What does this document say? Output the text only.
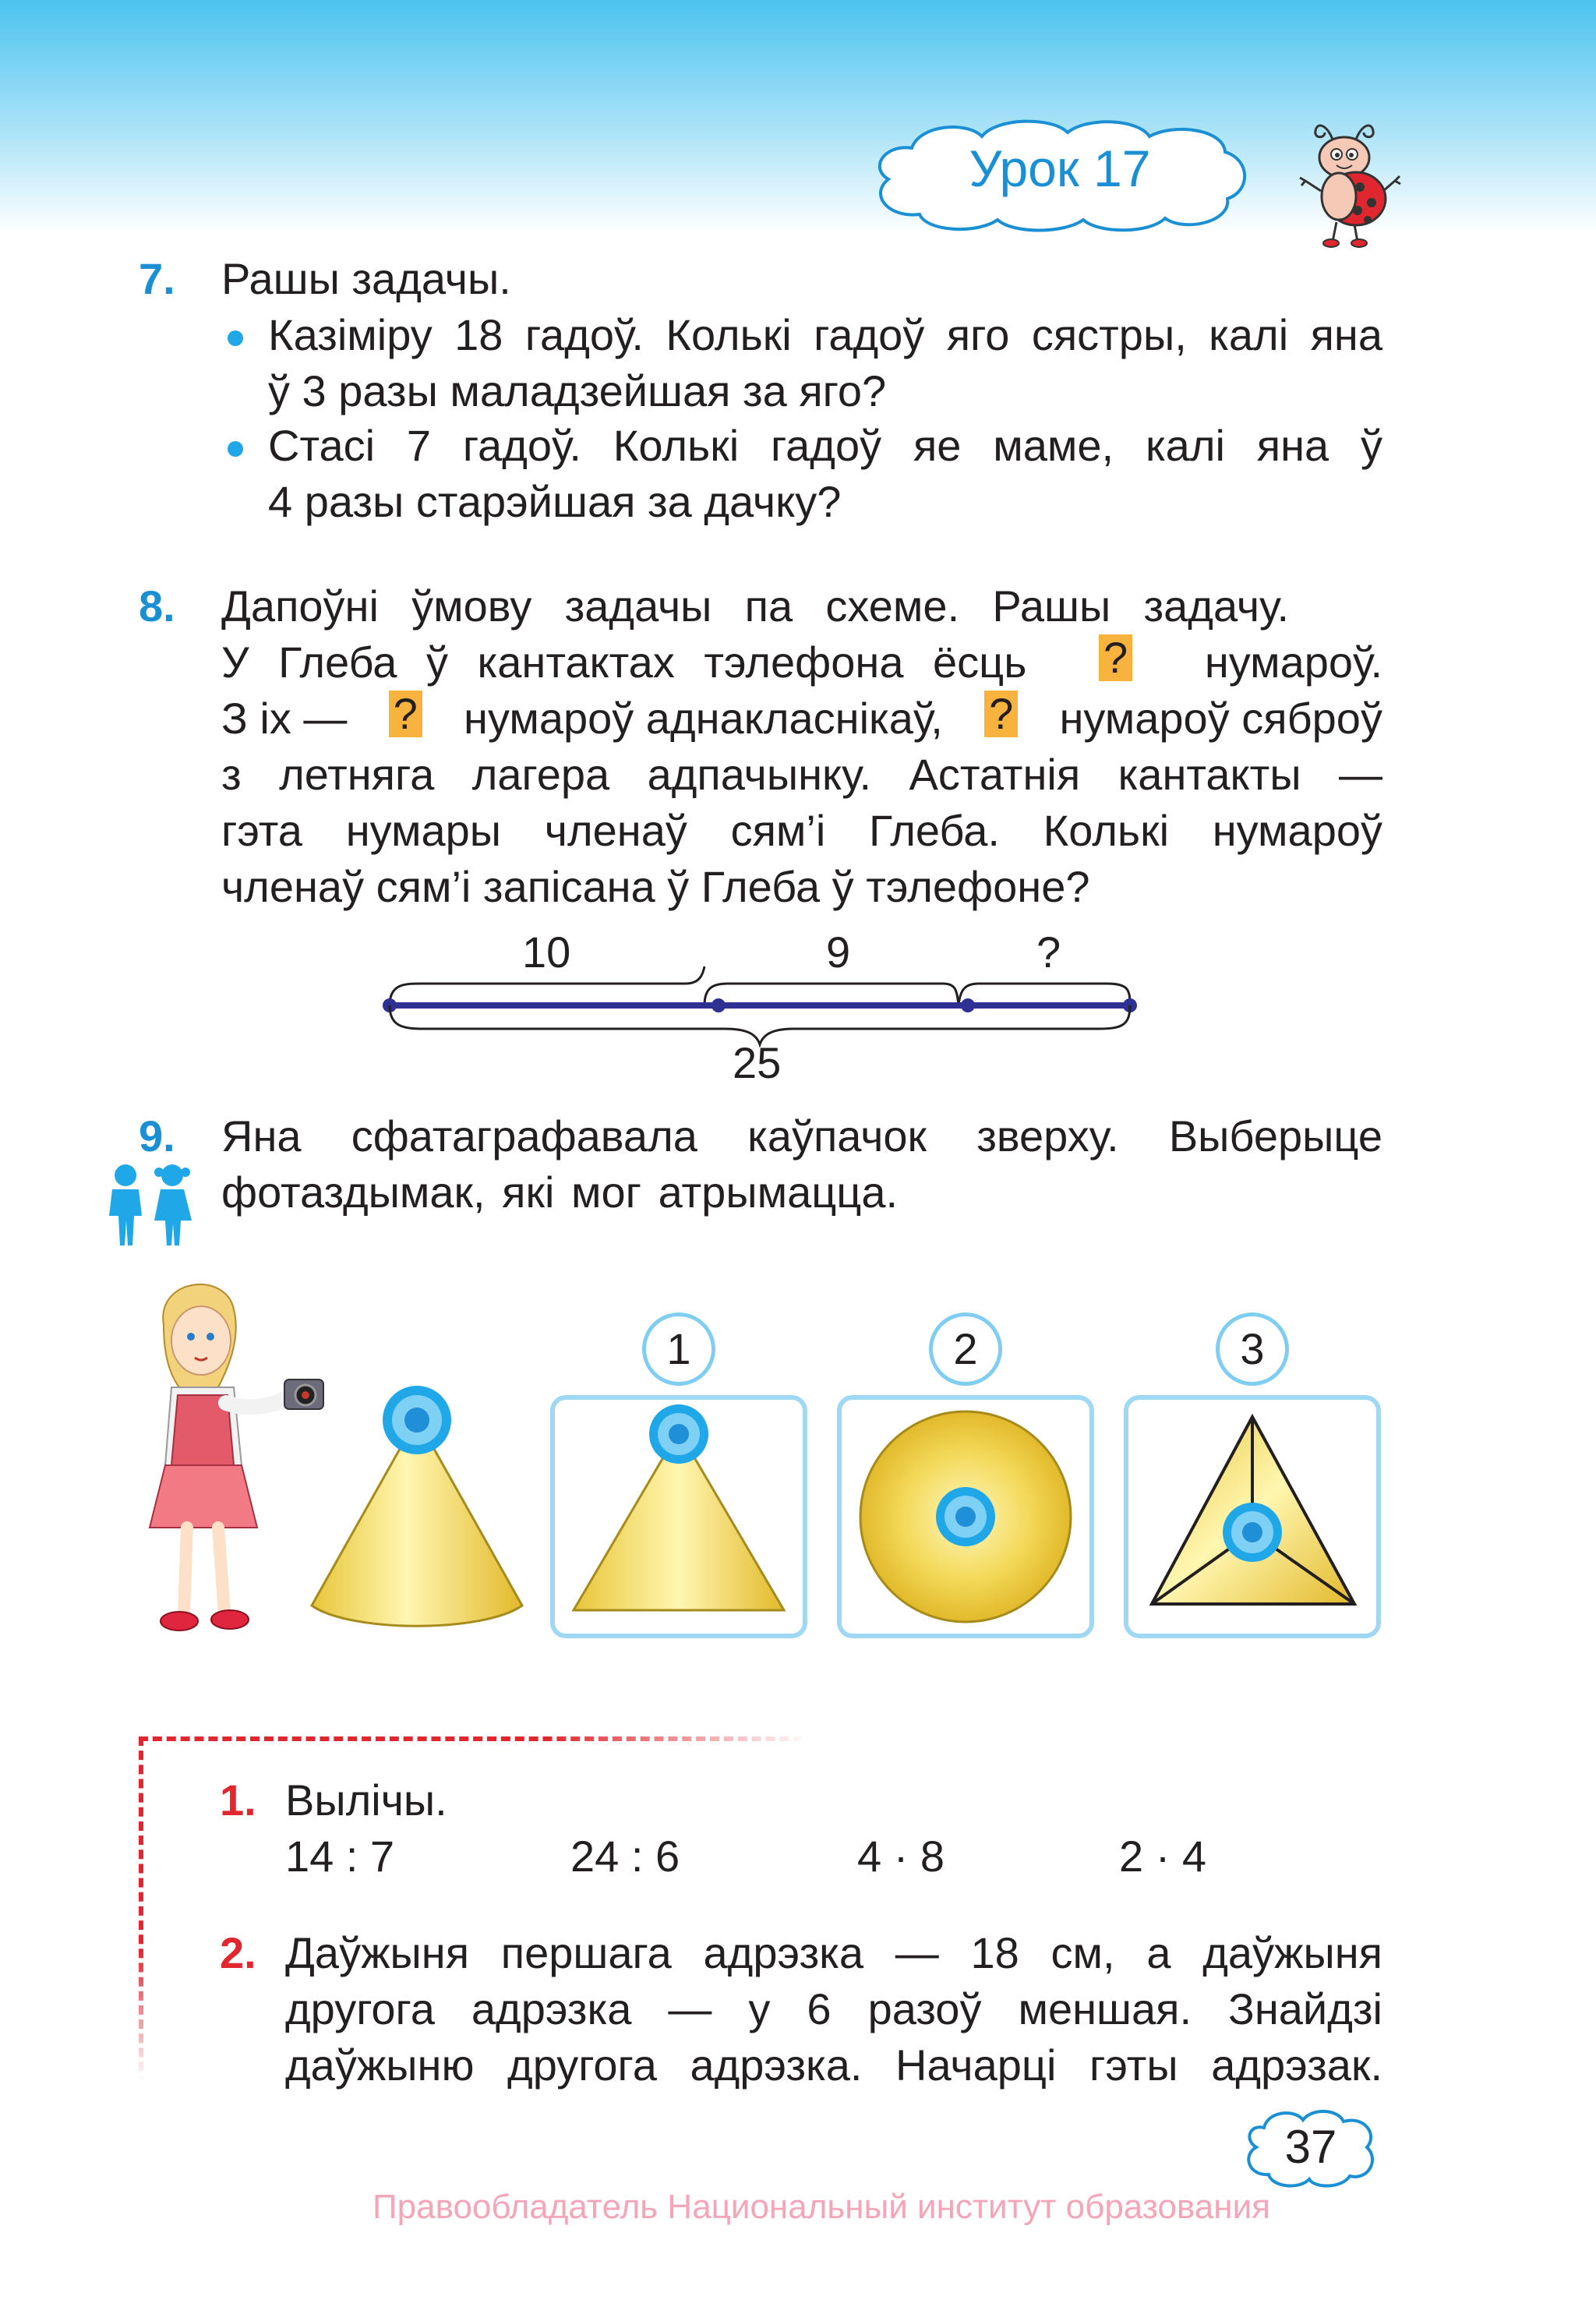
Урок 17
7. Рашы задачы.
Казіміру 18 гадоў. Колькі гадоў яго сястры, калі яна
ў 3 разы маладзейшая за яго?
Стасі 7 гадоў. Колькі гадоў яе маме, калі яна ў
4 разы старэйшая за дачку?
8. Дапоўні ўмову задачы па схеме. Рашы задачу.
У Глеба ў кантактах тэлефона ёсць ? нумароў.
З іх — ? нумароў аднакласнікаў, ? нумароў сяброў
з летняга лагера адпачынку. Астатнія кантакты —
гэта нумары членаў сям’і Глеба. Колькі нумароў
членаў сям’і запісана ў Глеба ў тэлефоне?
10	9	?
25
9. Яна сфатаграфавала каўпачок зверху. Выберыце
фотаздымак, які мог атрымацца.
1	2	3
1. Вылічы.
14 : 7	24 : 6	4 · 8	2 · 4
2. Даўжыня першага адрэзка — 18 см, а даўжыня
другога адрэзка — у 6 разоў меншая. Знайдзі
даўжыню другога адрэзка. Начарці гэты адрэзак.
37
Правообладатель Национальный институт образования
